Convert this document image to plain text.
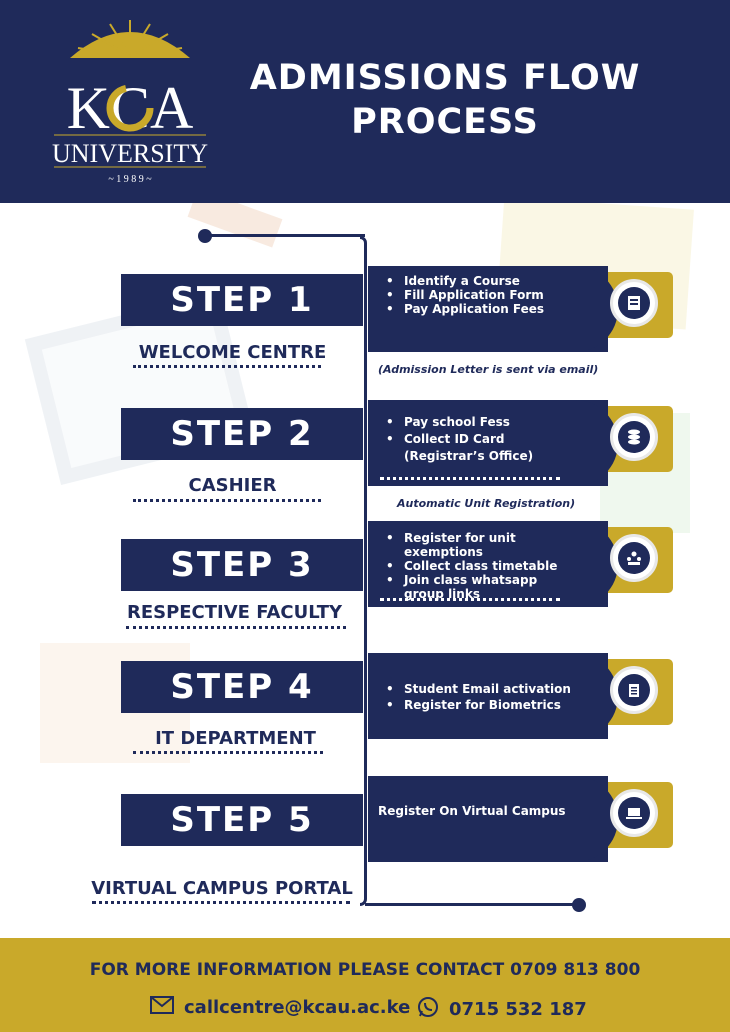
KCA
UNIVERSITY
~ 1 9 8 9 ~
ADMISSIONS FLOW
PROCESS
STEP 1
WELCOME CENTRE
• Identify a Course
• Fill Application Form
• Pay Application Fees
(Admission Letter is sent via email)
STEP 2
CASHIER
• Pay school Fess
• Collect ID Card
(Registrar’s Office)
Automatic Unit Registration)
STEP 3
RESPECTIVE FACULTY
• Register for unit exemptions
• Collect class timetable
• Join class whatsapp
group links
STEP 4
IT DEPARTMENT
• Student Email activation
• Register for Biometrics
STEP 5
VIRTUAL CAMPUS PORTAL
Register On Virtual Campus
FOR MORE INFORMATION PLEASE CONTACT 0709 813 800
callcentre@kcau.ac.ke 0715 532 187
